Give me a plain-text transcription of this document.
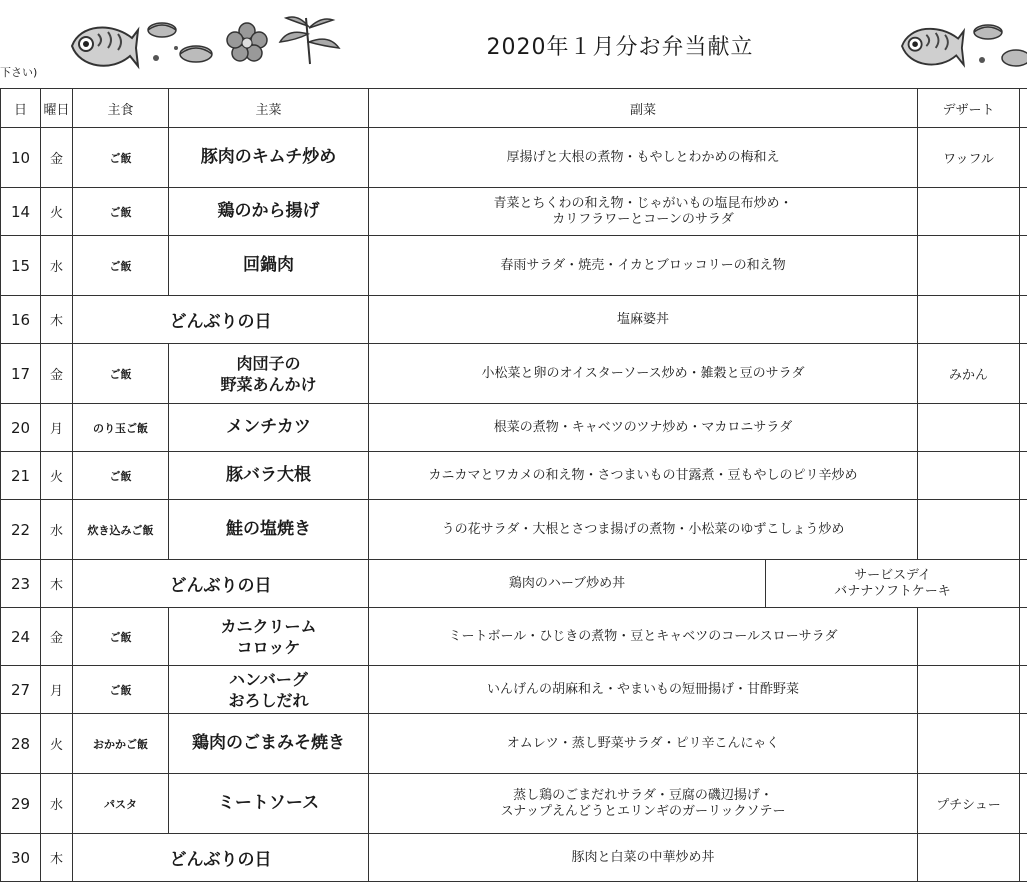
2020年１月分お弁当献立
下さい)
日	曜日	主食	主菜	副菜		デザート	
10	金	ご飯	豚肉のキムチ炒め	厚揚げと大根の煮物・もやしとわかめの梅和え		ワッフル	
14	火	ご飯	鶏のから揚げ	青菜とちくわの和え物・じゃがいもの塩昆布炒め・
カリフラワーとコーンのサラダ			
15	水	ご飯	回鍋肉	春雨サラダ・焼売・イカとブロッコリーの和え物			
16	木	どんぶりの日		塩麻婆丼			
17	金	ご飯	肉団子の
野菜あんかけ	小松菜と卵のオイスターソース炒め・雑穀と豆のサラダ		みかん	
20	月	のり玉ご飯	メンチカツ	根菜の煮物・キャベツのツナ炒め・マカロニサラダ			
21	火	ご飯	豚バラ大根	カニカマとワカメの和え物・さつまいもの甘露煮・豆もやしのピリ辛炒め			
22	水	炊き込みご飯	鮭の塩焼き	うの花サラダ・大根とさつま揚げの煮物・小松菜のゆずこしょう炒め			
23	木	どんぶりの日		鶏肉のハーブ炒め丼	サービスデイ
バナナソフトケーキ		
24	金	ご飯	カニクリーム
コロッケ	ミートボール・ひじきの煮物・豆とキャベツのコールスローサラダ			
27	月	ご飯	ハンバーグ
おろしだれ	いんげんの胡麻和え・やまいもの短冊揚げ・甘酢野菜			
28	火	おかかご飯	鶏肉のごまみそ焼き	オムレツ・蒸し野菜サラダ・ピリ辛こんにゃく			
29	水	パスタ	ミートソース	蒸し鶏のごまだれサラダ・豆腐の磯辺揚げ・
スナップえんどうとエリンギのガーリックソテー		プチシュー	
30	木	どんぶりの日		豚肉と白菜の中華炒め丼			
